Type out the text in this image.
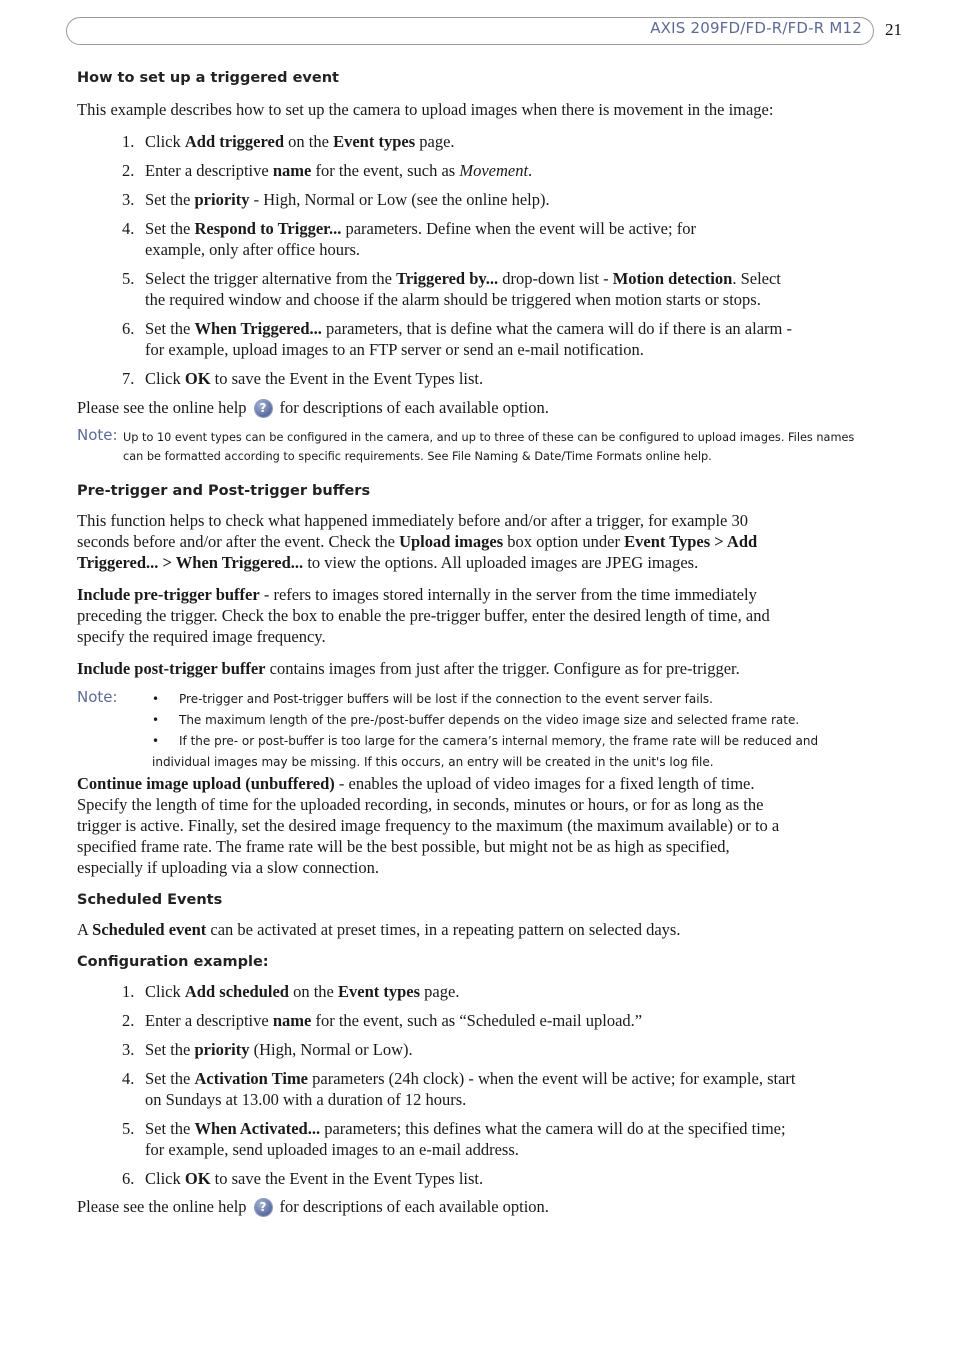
AXIS 209FD/FD-R/FD-R M12 21
How to set up a triggered event

This example describes how to set up the camera to upload images when there is movement in the image:

1. Click Add triggered on the Event types page.
2. Enter a descriptive name for the event, such as Movement.
3. Set the priority - High, Normal or Low (see the online help).
4. Set the Respond to Trigger... parameters. Define when the event will be active; for
example, only after office hours.
5. Select the trigger alternative from the Triggered by... drop-down list - Motion detection. Select
the required window and choose if the alarm should be triggered when motion starts or stops.
6. Set the When Triggered... parameters, that is define what the camera will do if there is an alarm -
for example, upload images to an FTP server or send an e-mail notification.
7. Click OK to save the Event in the Event Types list.

Please see the online help ? for descriptions of each available option.

Note: Up to 10 event types can be configured in the camera, and up to three of these can be configured to upload images. Files names
can be formatted according to specific requirements. See File Naming & Date/Time Formats online help.
Pre-trigger and Post-trigger buffers

This function helps to check what happened immediately before and/or after a trigger, for example 30
seconds before and/or after the event. Check the Upload images box option under Event Types > Add
Triggered... > When Triggered... to view the options. All uploaded images are JPEG images.

Include pre-trigger buffer - refers to images stored internally in the server from the time immediately
preceding the trigger. Check the box to enable the pre-trigger buffer, enter the desired length of time, and
specify the required image frequency.

Include post-trigger buffer contains images from just after the trigger. Configure as for pre-trigger.

Note:	• Pre-trigger and Post-trigger buffers will be lost if the connection to the event server fails.
• The maximum length of the pre-/post-buffer depends on the video image size and selected frame rate.
• If the pre- or post-buffer is too large for the camera’s internal memory, the frame rate will be reduced and
individual images may be missing. If this occurs, an entry will be created in the unit's log file.

Continue image upload (unbuffered) - enables the upload of video images for a fixed length of time.
Specify the length of time for the uploaded recording, in seconds, minutes or hours, or for as long as the
trigger is active. Finally, set the desired image frequency to the maximum (the maximum available) or to a
specified frame rate. The frame rate will be the best possible, but might not be as high as specified,
especially if uploading via a slow connection.

Scheduled Events

A Scheduled event can be activated at preset times, in a repeating pattern on selected days.

Configuration example:
1. Click Add scheduled on the Event types page.
2. Enter a descriptive name for the event, such as “Scheduled e-mail upload.”
3. Set the priority (High, Normal or Low).
4. Set the Activation Time parameters (24h clock) - when the event will be active; for example, start
on Sundays at 13.00 with a duration of 12 hours.
5. Set the When Activated... parameters; this defines what the camera will do at the specified time;
for example, send uploaded images to an e-mail address.
6. Click OK to save the Event in the Event Types list.

Please see the online help ? for descriptions of each available option.
